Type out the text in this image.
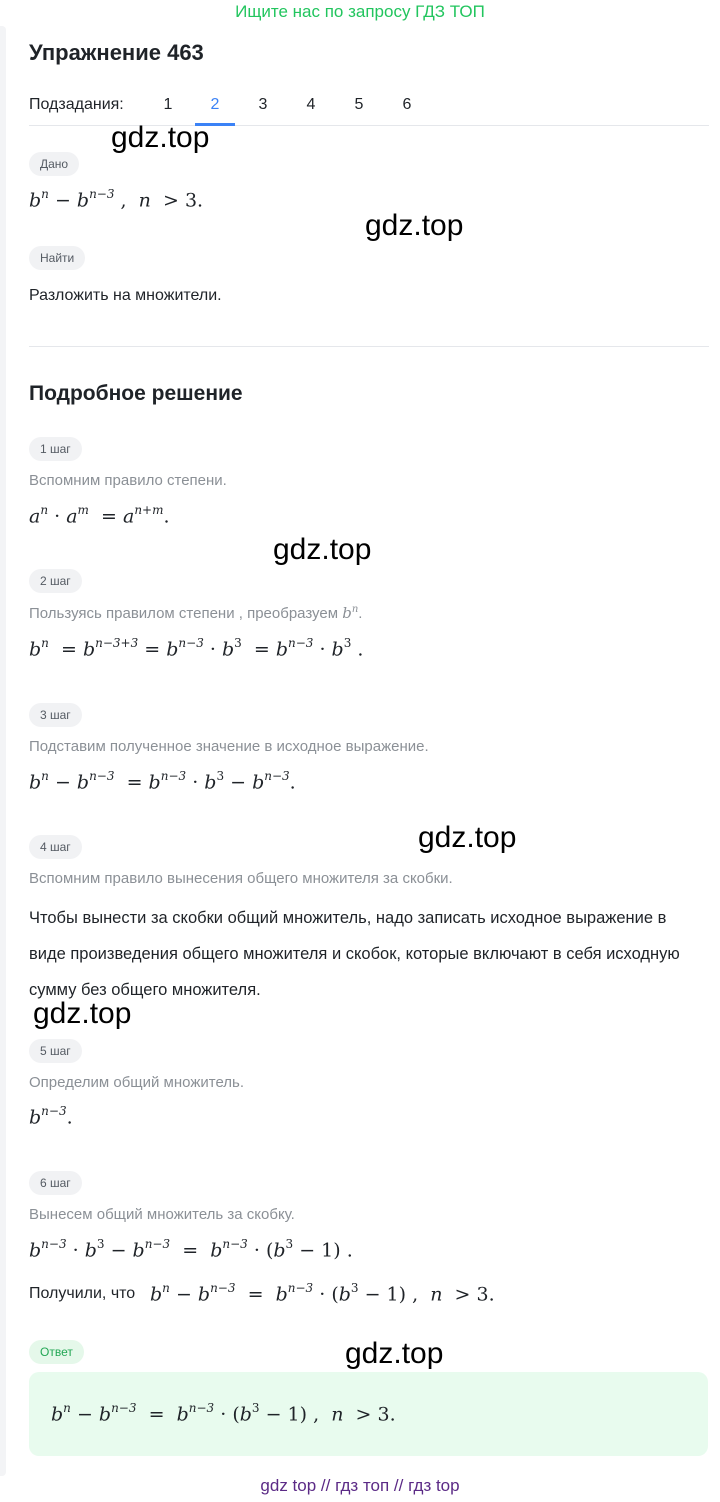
Ищите нас по запросу ГДЗ ТОП
Упражнение 463
Подзадания:	1	2	3	4	5	6
Дано
$b^n - b^{n-3}$ ,  n  > 3.
Найти
Разложить на множители.
Подробное решение
1 шаг
Вспомним правило степени.
$a^n \cdot a^m = a^{n+m}$.
2 шаг
Пользуясь правилом степени , преобразуем $b^n$.
$b^n = b^{n-3+3} = b^{n-3} \cdot b^3 = b^{n-3} \cdot b^3$ .
3 шаг
Подставим полученное значение в исходное выражение.
$b^n - b^{n-3} = b^{n-3} \cdot b^3 - b^{n-3}$.
4 шаг
Вспомним правило вынесения общего множителя за скобки.
Чтобы вынести за скобки общий множитель, надо записать исходное выражение в виде произведения общего множителя и скобок, которые включают в себя исходную сумму без общего множителя.
5 шаг
Определим общий множитель.
$b^{n-3}$.
6 шаг
Вынесем общий множитель за скобку.
$b^{n-3} \cdot b^3 - b^{n-3} = b^{n-3} \cdot (b^3 - 1)$ .
Получили, что $b^n - b^{n-3} = b^{n-3} \cdot (b^3 - 1)$ ,  n  > 3.
Ответ
$b^n - b^{n-3} = b^{n-3} \cdot (b^3 - 1)$ ,  n  > 3.
gdz.top
gdz.top
gdz.top
gdz.top
gdz.top
gdz.top
gdz top // гдз топ // гдз top
